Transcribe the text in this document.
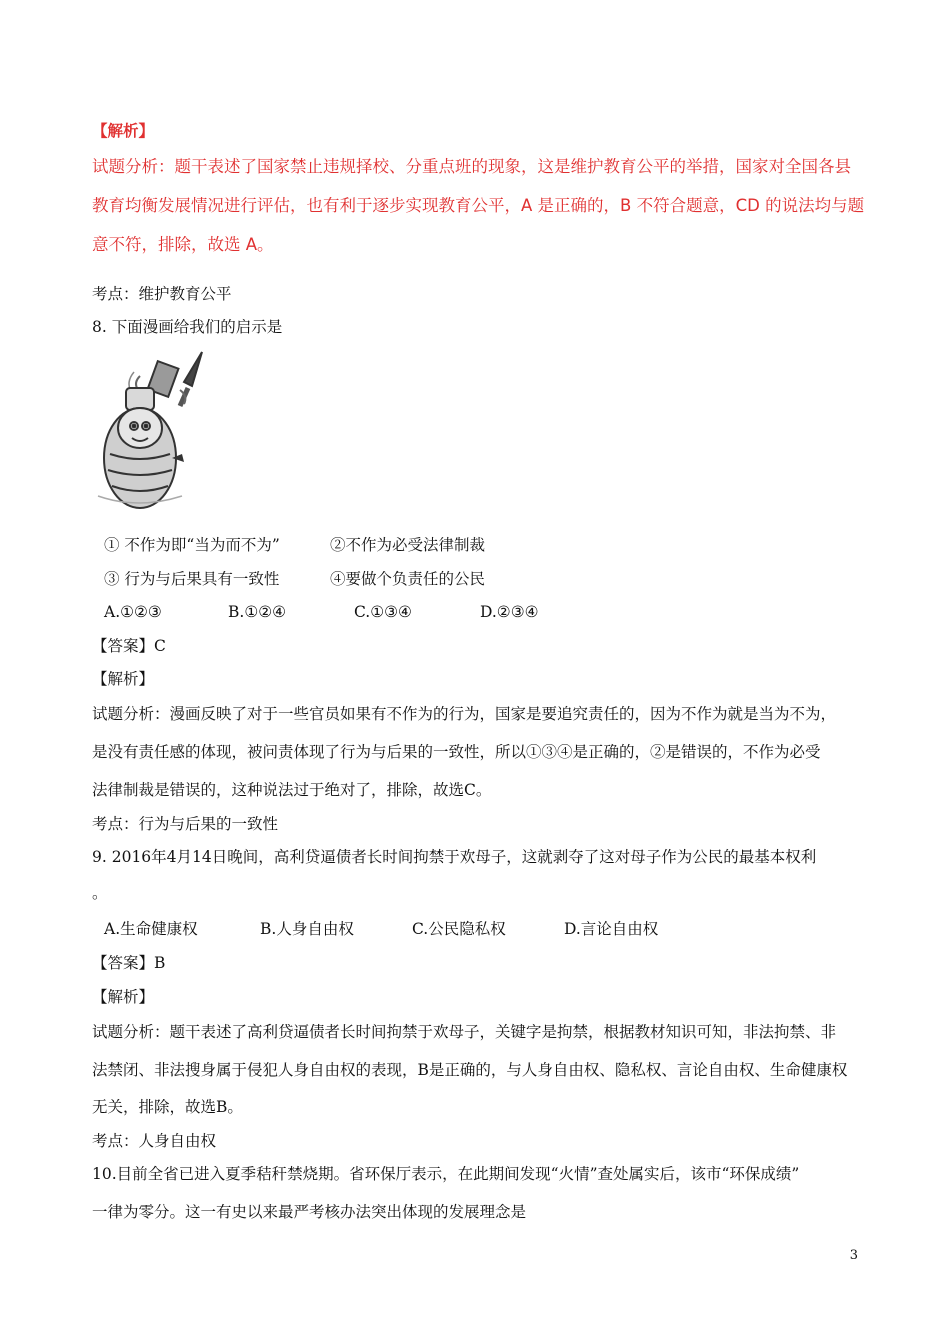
【解析】
试题分析：题干表述了国家禁止违规择校、分重点班的现象，这是维护教育公平的举措，国家对全国各县
教育均衡发展情况进行评估，也有利于逐步实现教育公平，A 是正确的，B 不符合题意，CD 的说法均与题
意不符，排除，故选 A。
考点：维护教育公平
8. 下面漫画给我们的启示是
① 不作为即“当为而不为”	②不作为必受法律制裁
③ 行为与后果具有一致性	④要做个负责任的公民
A.①②③	B.①②④	C.①③④	D.②③④
【答案】C
【解析】
试题分析：漫画反映了对于一些官员如果有不作为的行为，国家是要追究责任的，因为不作为就是当为不为，
是没有责任感的体现，被问责体现了行为与后果的一致性，所以①③④是正确的，②是错误的，不作为必受
法律制裁是错误的，这种说法过于绝对了，排除，故选C。
考点：行为与后果的一致性
9. 2016年4月14日晚间，高利贷逼债者长时间拘禁于欢母子，这就剥夺了这对母子作为公民的最基本权利
。
A.生命健康权	B.人身自由权	C.公民隐私权	D.言论自由权
【答案】B
【解析】
试题分析：题干表述了高利贷逼债者长时间拘禁于欢母子，关键字是拘禁，根据教材知识可知，非法拘禁、非
法禁闭、非法搜身属于侵犯人身自由权的表现，B是正确的，与人身自由权、隐私权、言论自由权、生命健康权
无关，排除，故选B。
考点：人身自由权
10.目前全省已进入夏季秸秆禁烧期。省环保厅表示，在此期间发现“火情”查处属实后，该市“环保成绩”
一律为零分。这一有史以来最严考核办法突出体现的发展理念是
3
